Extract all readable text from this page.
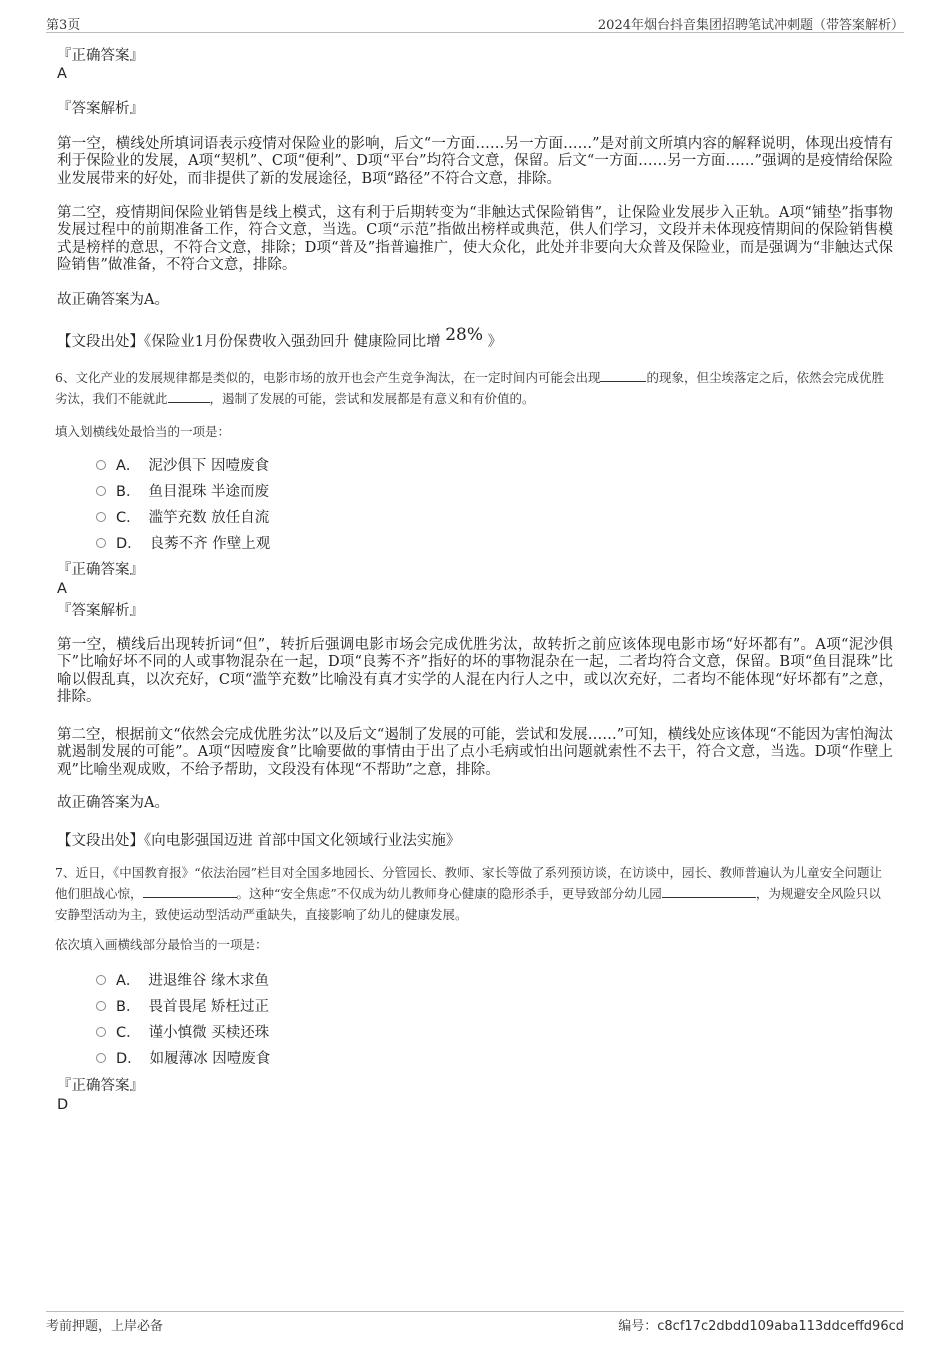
第3页	2024年烟台抖音集团招聘笔试冲刺题（带答案解析）
『正确答案』
A
『答案解析』

第一空，横线处所填词语表示疫情对保险业的影响，后文“一方面……另一方面……”是对前文所填内容的解释说明，体现出疫情有利于保险业的发展，A项“契机”、C项“便利”、D项“平台”均符合文意，保留。后文“一方面……另一方面……”强调的是疫情给保险业发展带来的好处，而非提供了新的发展途径，B项“路径”不符合文意，排除。

第二空，疫情期间保险业销售是线上模式，这有利于后期转变为“非触达式保险销售”，让保险业发展步入正轨。A项“铺垫”指事物发展过程中的前期准备工作，符合文意，当选。C项“示范”指做出榜样或典范，供人们学习，文段并未体现疫情期间的保险销售模式是榜样的意思，不符合文意，排除；D项“普及”指普遍推广，使大众化，此处并非要向大众普及保险业，而是强调为“非触达式保险销售”做准备，不符合文意，排除。

故正确答案为A。

【文段出处】《保险业1月份保费收入强劲回升 健康险同比增 28% 》

6、文化产业的发展规律都是类似的，电影市场的放开也会产生竞争淘汰，在一定时间内可能会出现	的现象，但尘埃落定之后，依然会完成优胜劣汰，我们不能就此	，遏制了发展的可能，尝试和发展都是有意义和有价值的。

填入划横线处最恰当的一项是：

A． 泥沙俱下 因噎废食
B． 鱼目混珠 半途而废
C． 滥竽充数 放任自流
D． 良莠不齐 作壁上观
『正确答案』
A
『答案解析』

第一空，横线后出现转折词“但”，转折后强调电影市场会完成优胜劣汰，故转折之前应该体现电影市场“好坏都有”。A项“泥沙俱下”比喻好坏不同的人或事物混杂在一起，D项“良莠不齐”指好的坏的事物混杂在一起，二者均符合文意，保留。B项“鱼目混珠”比喻以假乱真，以次充好，C项“滥竽充数”比喻没有真才实学的人混在内行人之中，或以次充好，二者均不能体现“好坏都有”之意，排除。

第二空，根据前文“依然会完成优胜劣汰”以及后文“遏制了发展的可能，尝试和发展……”可知，横线处应该体现“不能因为害怕淘汰就遏制发展的可能”。A项“因噎废食”比喻要做的事情由于出了点小毛病或怕出问题就索性不去干，符合文意，当选。D项“作壁上观”比喻坐观成败，不给予帮助，文段没有体现“不帮助”之意，排除。

故正确答案为A。

【文段出处】《向电影强国迈进 首部中国文化领域行业法实施》

7、近日，《中国教育报》“依法治园”栏目对全国多地园长、分管园长、教师、家长等做了系列预访谈，在访谈中，园长、教师普遍认为儿童安全问题让他们胆战心惊，	。这种“安全焦虑”不仅成为幼儿教师身心健康的隐形杀手，更导致部分幼儿园	，为规避安全风险只以安静型活动为主，致使运动型活动严重缺失，直接影响了幼儿的健康发展。

依次填入画横线部分最恰当的一项是：

A． 进退维谷 缘木求鱼
B． 畏首畏尾 矫枉过正
C． 谨小慎微 买椟还珠
D． 如履薄冰 因噎废食
『正确答案』
D
考前押题，上岸必备	编号：c8cf17c2dbdd109aba113ddceffd96cd
